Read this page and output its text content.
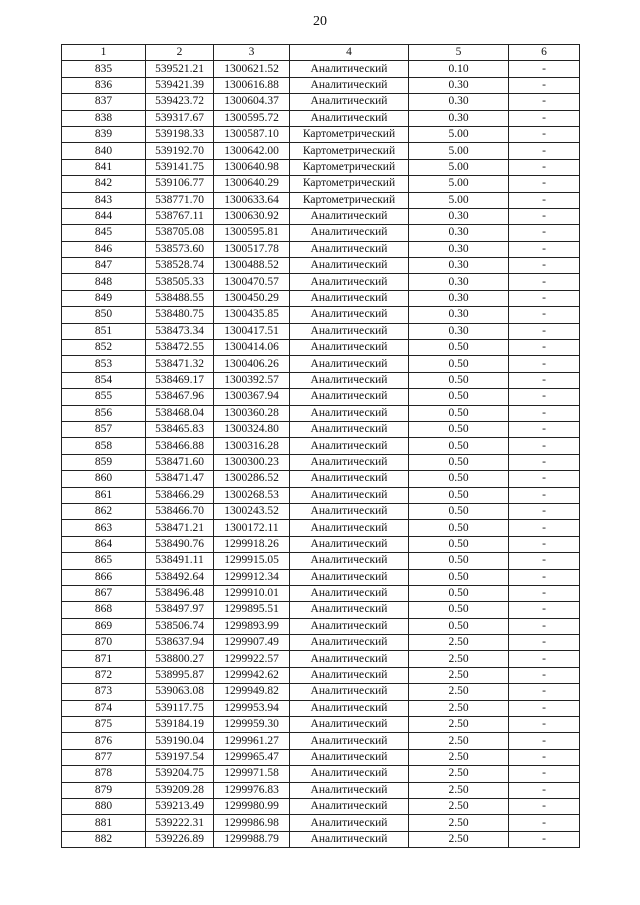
20
1	2	3	4	5	6
835	539521.21	1300621.52	Аналитический	0.10	-
836	539421.39	1300616.88	Аналитический	0.30	-
837	539423.72	1300604.37	Аналитический	0.30	-
838	539317.67	1300595.72	Аналитический	0.30	-
839	539198.33	1300587.10	Картометрический	5.00	-
840	539192.70	1300642.00	Картометрический	5.00	-
841	539141.75	1300640.98	Картометрический	5.00	-
842	539106.77	1300640.29	Картометрический	5.00	-
843	538771.70	1300633.64	Картометрический	5.00	-
844	538767.11	1300630.92	Аналитический	0.30	-
845	538705.08	1300595.81	Аналитический	0.30	-
846	538573.60	1300517.78	Аналитический	0.30	-
847	538528.74	1300488.52	Аналитический	0.30	-
848	538505.33	1300470.57	Аналитический	0.30	-
849	538488.55	1300450.29	Аналитический	0.30	-
850	538480.75	1300435.85	Аналитический	0.30	-
851	538473.34	1300417.51	Аналитический	0.30	-
852	538472.55	1300414.06	Аналитический	0.50	-
853	538471.32	1300406.26	Аналитический	0.50	-
854	538469.17	1300392.57	Аналитический	0.50	-
855	538467.96	1300367.94	Аналитический	0.50	-
856	538468.04	1300360.28	Аналитический	0.50	-
857	538465.83	1300324.80	Аналитический	0.50	-
858	538466.88	1300316.28	Аналитический	0.50	-
859	538471.60	1300300.23	Аналитический	0.50	-
860	538471.47	1300286.52	Аналитический	0.50	-
861	538466.29	1300268.53	Аналитический	0.50	-
862	538466.70	1300243.52	Аналитический	0.50	-
863	538471.21	1300172.11	Аналитический	0.50	-
864	538490.76	1299918.26	Аналитический	0.50	-
865	538491.11	1299915.05	Аналитический	0.50	-
866	538492.64	1299912.34	Аналитический	0.50	-
867	538496.48	1299910.01	Аналитический	0.50	-
868	538497.97	1299895.51	Аналитический	0.50	-
869	538506.74	1299893.99	Аналитический	0.50	-
870	538637.94	1299907.49	Аналитический	2.50	-
871	538800.27	1299922.57	Аналитический	2.50	-
872	538995.87	1299942.62	Аналитический	2.50	-
873	539063.08	1299949.82	Аналитический	2.50	-
874	539117.75	1299953.94	Аналитический	2.50	-
875	539184.19	1299959.30	Аналитический	2.50	-
876	539190.04	1299961.27	Аналитический	2.50	-
877	539197.54	1299965.47	Аналитический	2.50	-
878	539204.75	1299971.58	Аналитический	2.50	-
879	539209.28	1299976.83	Аналитический	2.50	-
880	539213.49	1299980.99	Аналитический	2.50	-
881	539222.31	1299986.98	Аналитический	2.50	-
882	539226.89	1299988.79	Аналитический	2.50	-
